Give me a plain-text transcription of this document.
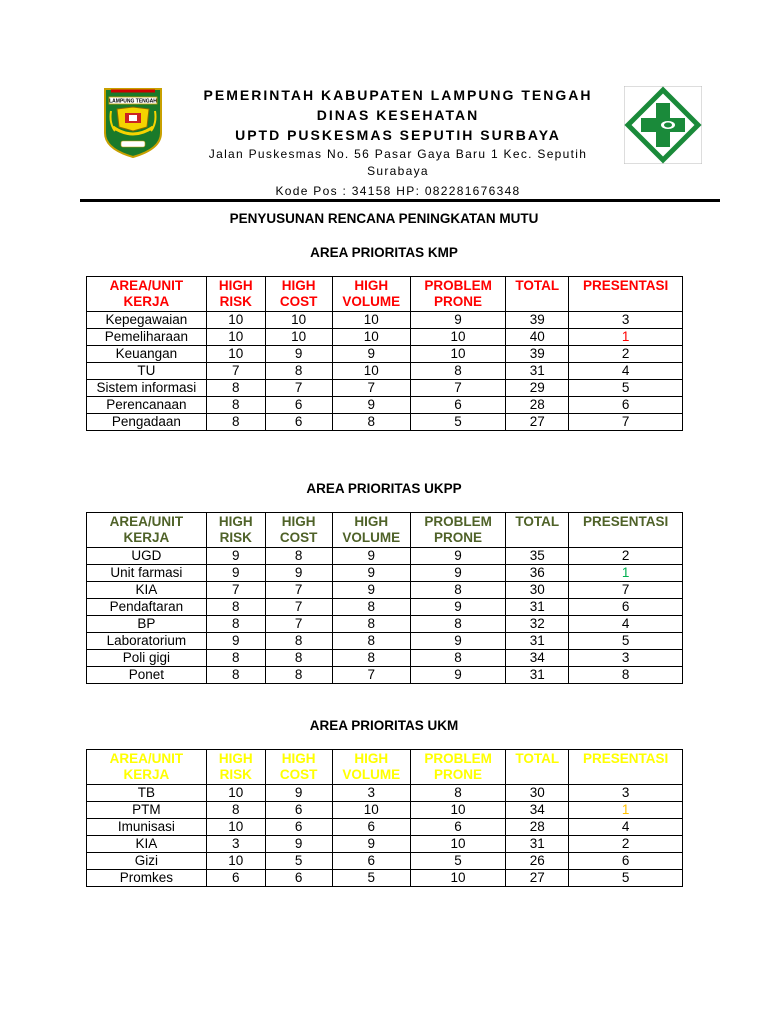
LAMPUNG TENGAH	PEMERINTAH KABUPATEN LAMPUNG TENGAH
DINAS KESEHATAN
UPTD PUSKESMAS SEPUTIH SURBAYA
Jalan Puskesmas No. 56 Pasar Gaya Baru 1 Kec. Seputih Surabaya
Kode Pos : 34158 HP: 082281676348
PENYUSUNAN RENCANA PENINGKATAN MUTU
AREA PRIORITAS KMP
AREA/UNIT KERJA	HIGH RISK	HIGH COST	HIGH VOLUME	PROBLEM PRONE	TOTAL	PRESENTASI
Kepegawaian	10	10	10	9	39	3
Pemeliharaan	10	10	10	10	40	1
Keuangan	10	9	9	10	39	2
TU	7	8	10	8	31	4
Sistem informasi	8	7	7	7	29	5
Perencanaan	8	6	9	6	28	6
Pengadaan	8	6	8	5	27	7
AREA PRIORITAS UKPP
AREA/UNIT KERJA	HIGH RISK	HIGH COST	HIGH VOLUME	PROBLEM PRONE	TOTAL	PRESENTASI
UGD	9	8	9	9	35	2
Unit farmasi	9	9	9	9	36	1
KIA	7	7	9	8	30	7
Pendaftaran	8	7	8	9	31	6
BP	8	7	8	8	32	4
Laboratorium	9	8	8	9	31	5
Poli gigi	8	8	8	8	34	3
Ponet	8	8	7	9	31	8
AREA PRIORITAS UKM
AREA/UNIT KERJA	HIGH RISK	HIGH COST	HIGH VOLUME	PROBLEM PRONE	TOTAL	PRESENTASI
TB	10	9	3	8	30	3
PTM	8	6	10	10	34	1
Imunisasi	10	6	6	6	28	4
KIA	3	9	9	10	31	2
Gizi	10	5	6	5	26	6
Promkes	6	6	5	10	27	5
